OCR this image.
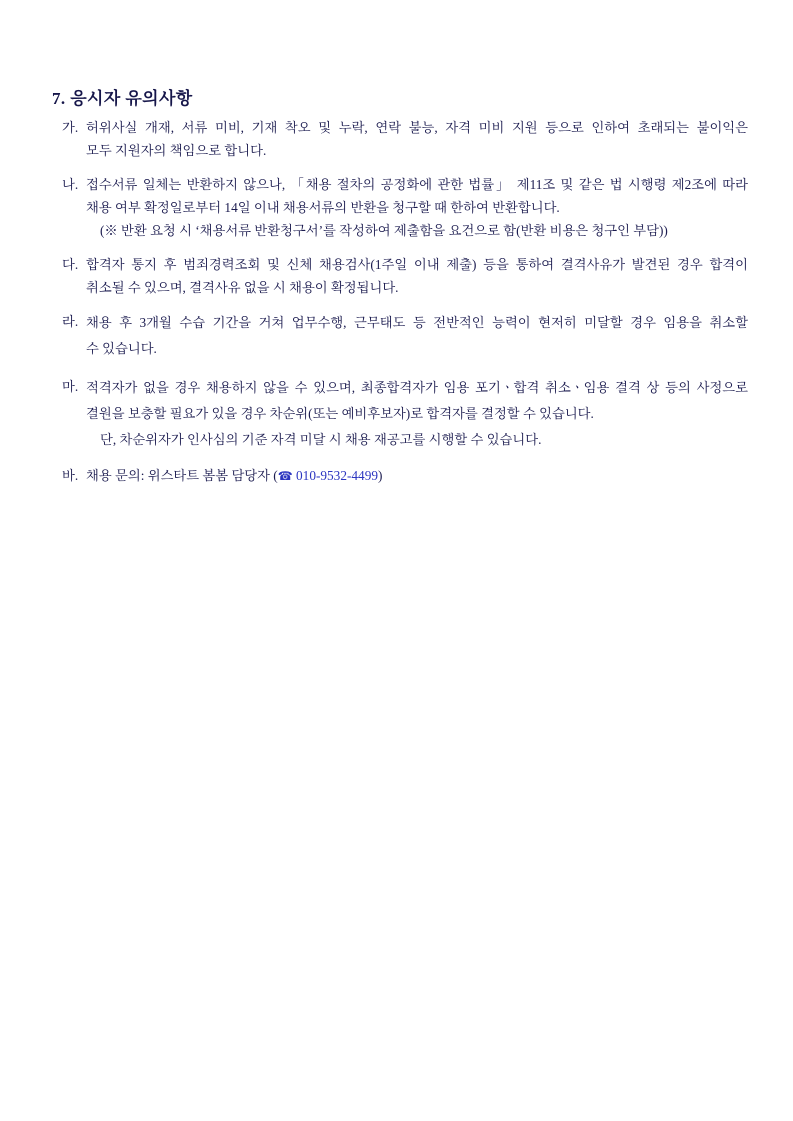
7. 응시자 유의사항
가. 허위사실 개재, 서류 미비, 기재 착오 및 누락, 연락 불능, 자격 미비 지원 등으로 인하여 초래되는 불이익은
모두 지원자의 책임으로 합니다.
나. 접수서류 일체는 반환하지 않으나, 「채용 절차의 공정화에 관한 법률」 제11조 및 같은 법 시행령 제2조에 따라
채용 여부 확정일로부터 14일 이내 채용서류의 반환을 청구할 때 한하여 반환합니다.
(※ 반환 요청 시 ‘채용서류 반환청구서’를 작성하여 제출함을 요건으로 함(반환 비용은 청구인 부담))
다. 합격자 통지 후 범죄경력조회 및 신체 채용검사(1주일 이내 제출) 등을 통하여 결격사유가 발견된 경우 합격이
취소될 수 있으며, 결격사유 없을 시 채용이 확정됩니다.
라. 채용 후 3개월 수습 기간을 거쳐 업무수행, 근무태도 등 전반적인 능력이 현저히 미달할 경우 임용을 취소할
수 있습니다.
마. 적격자가 없을 경우 채용하지 않을 수 있으며, 최종합격자가 임용 포기ㆍ합격 취소ㆍ임용 결격 상 등의 사정으로
결원을 보충할 필요가 있을 경우 차순위(또는 예비후보자)로 합격자를 결정할 수 있습니다.
단, 차순위자가 인사심의 기준 자격 미달 시 채용 재공고를 시행할 수 있습니다.
바. 채용 문의: 위스타트 봄봄 담당자 (☎ 010-9532-4499)
